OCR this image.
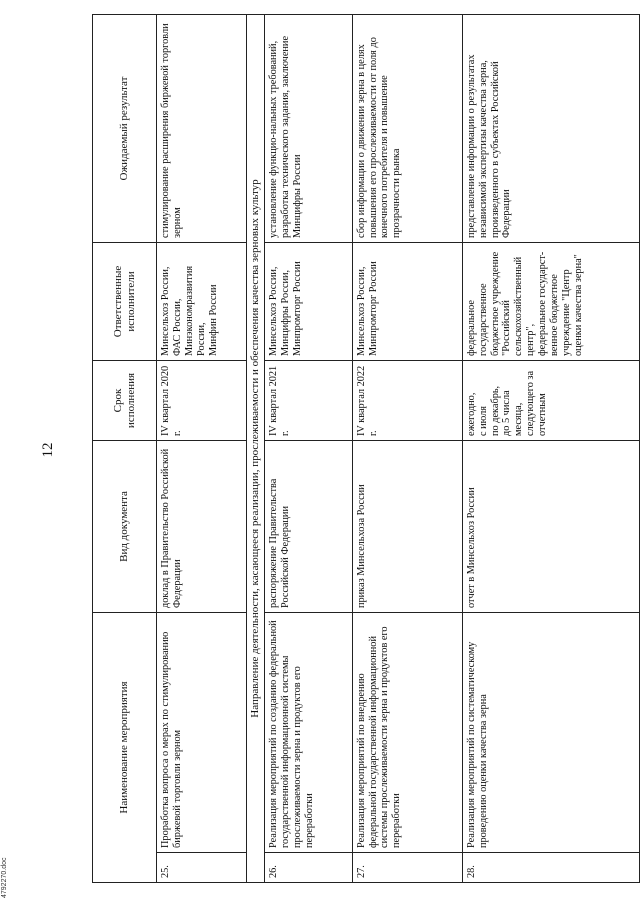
12
4792270.doc
Наименование мероприятия		Вид документа	Срок исполнения	Ответственные исполнители	Ожидаемый результат
25.	Проработка вопроса о мерах по стимулированию биржевой торговли зерном	доклад в Правительство Российской Федерации	IV квартал 2020 г.	Минсельхоз России,
ФАС России,
Минэкономразвития России,
Минфин России	стимулирование расширения биржевой торговли зерном
Направление деятельности, касающееся реализации, прослеживаемости и обеспечения качества зерновых культур					
26.	Реализация мероприятий по созданию федеральной государственной информационной системы прослеживаемости зерна и продуктов его переработки	распоряжение Правительства Российской Федерации	IV квартал 2021 г.	Минсельхоз России,
Минцифры России,
Минпромторг России	установление функцио-нальных требований, разработка технического задания, заключение Минцифры России
27.	Реализация мероприятий по внедрению федеральной государственной информационной системы прослеживаемости зерна и продуктов его переработки	приказ Минсельхоза России	IV квартал 2022 г.	Минсельхоз России,
Минпромторг России	сбор информации о движении зерна в целях повышения его прослеживаемости от поля до конечного потребителя и повышение прозрачности рынка
28.	Реализация мероприятий по систематическому проведению оценки качества зерна	отчет в Минсельхоз России	ежегодно,
с июля
по декабрь,
до 5 числа месяца, следующего за отчетным	федеральное государственное бюджетное учреждение "Российский сельскохозяйственный центр",
федеральное государст-венное бюджетное учреждение "Центр оценки качества зерна"	представление информации о результатах независимой экспертизы качества зерна, произведенного в субъектах Российской Федерации
